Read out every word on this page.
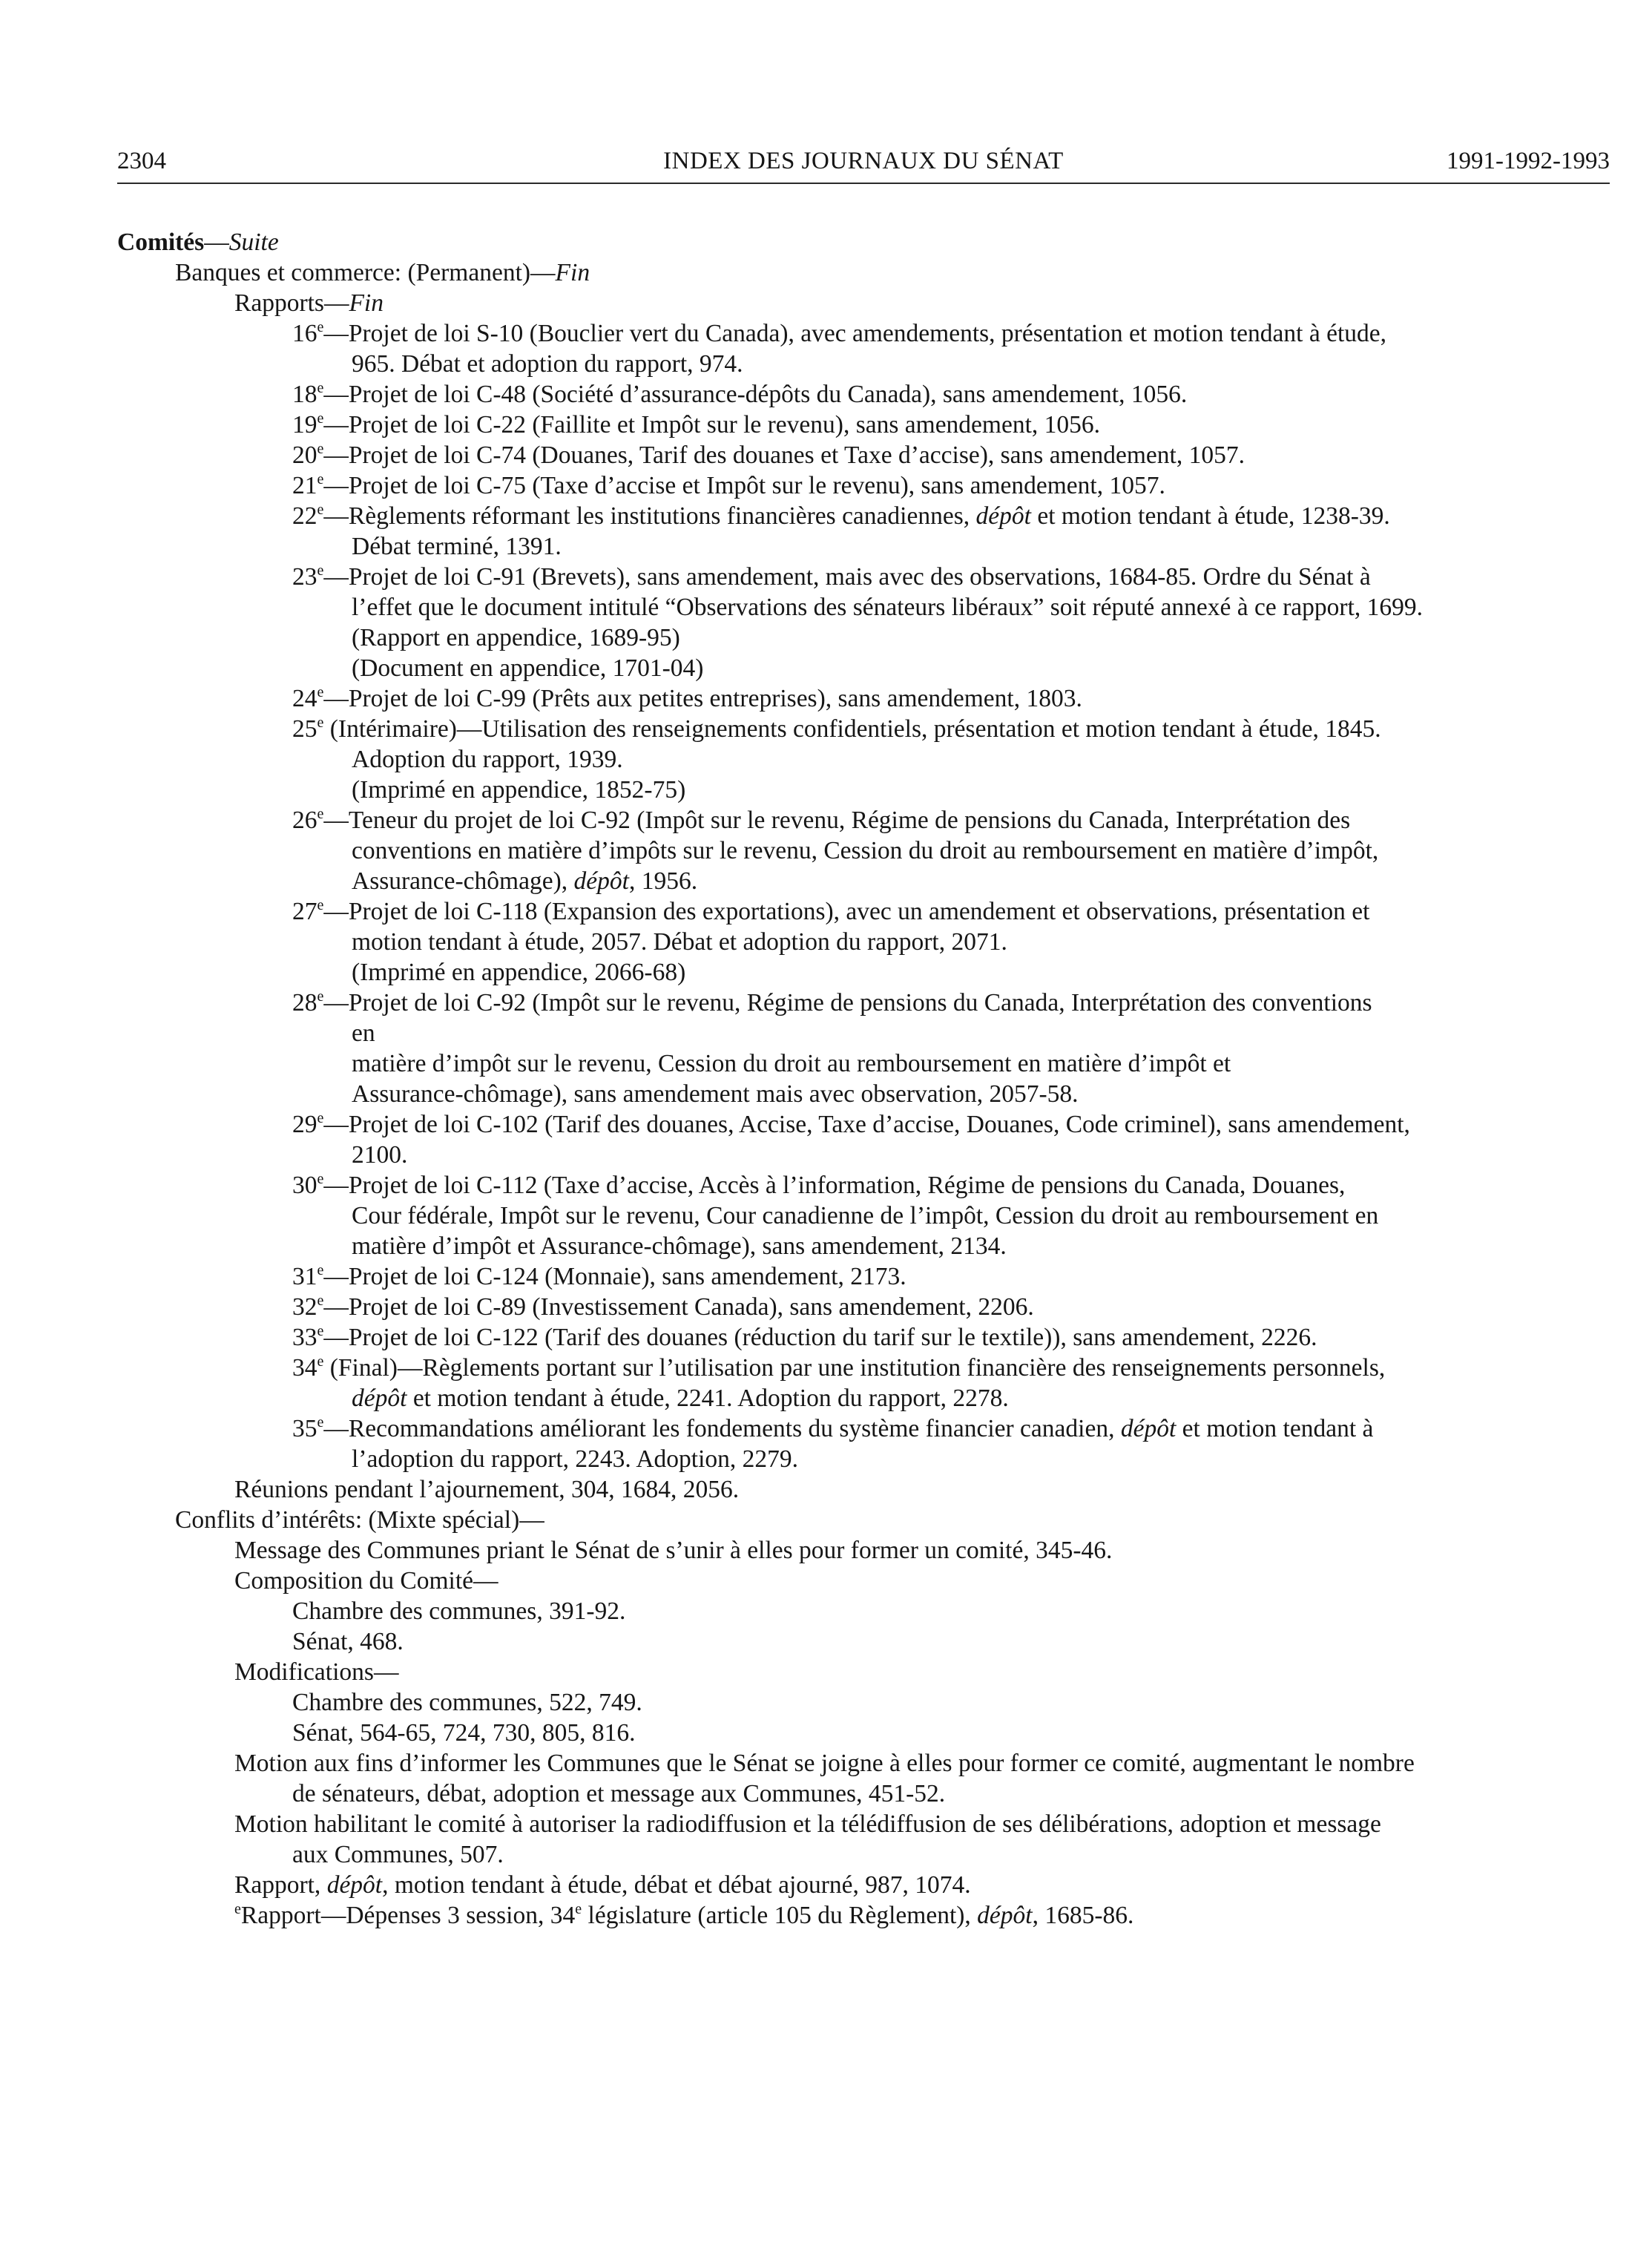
2304	INDEX DES JOURNAUX DU SÉNAT	1991-1992-1993
Comités—Suite
Banques et commerce: (Permanent)—Fin
Rapports—Fin
16e—Projet de loi S-10 (Bouclier vert du Canada), avec amendements, présentation et motion tendant à étude,
965. Débat et adoption du rapport, 974.
18e—Projet de loi C-48 (Société d’assurance-dépôts du Canada), sans amendement, 1056.
19e—Projet de loi C-22 (Faillite et Impôt sur le revenu), sans amendement, 1056.
20e—Projet de loi C-74 (Douanes, Tarif des douanes et Taxe d’accise), sans amendement, 1057.
21e—Projet de loi C-75 (Taxe d’accise et Impôt sur le revenu), sans amendement, 1057.
22e—Règlements réformant les institutions financières canadiennes, dépôt et motion tendant à étude, 1238-39.
Débat terminé, 1391.
23e—Projet de loi C-91 (Brevets), sans amendement, mais avec des observations, 1684-85. Ordre du Sénat à
l’effet que le document intitulé “Observations des sénateurs libéraux” soit réputé annexé à ce rapport, 1699.
(Rapport en appendice, 1689-95)
(Document en appendice, 1701-04)
24e—Projet de loi C-99 (Prêts aux petites entreprises), sans amendement, 1803.
25e (Intérimaire)—Utilisation des renseignements confidentiels, présentation et motion tendant à étude, 1845.
Adoption du rapport, 1939.
(Imprimé en appendice, 1852-75)
26e—Teneur du projet de loi C-92 (Impôt sur le revenu, Régime de pensions du Canada, Interprétation des
conventions en matière d’impôts sur le revenu, Cession du droit au remboursement en matière d’impôt,
Assurance-chômage), dépôt, 1956.
27e—Projet de loi C-118 (Expansion des exportations), avec un amendement et observations, présentation et
motion tendant à étude, 2057. Débat et adoption du rapport, 2071.
(Imprimé en appendice, 2066-68)
28e—Projet de loi C-92 (Impôt sur le revenu, Régime de pensions du Canada, Interprétation des conventions
en
matière d’impôt sur le revenu, Cession du droit au remboursement en matière d’impôt et
Assurance-chômage), sans amendement mais avec observation, 2057-58.
29e—Projet de loi C-102 (Tarif des douanes, Accise, Taxe d’accise, Douanes, Code criminel), sans amendement,
2100.
30e—Projet de loi C-112 (Taxe d’accise, Accès à l’information, Régime de pensions du Canada, Douanes,
Cour fédérale, Impôt sur le revenu, Cour canadienne de l’impôt, Cession du droit au remboursement en
matière d’impôt et Assurance-chômage), sans amendement, 2134.
31e—Projet de loi C-124 (Monnaie), sans amendement, 2173.
32e—Projet de loi C-89 (Investissement Canada), sans amendement, 2206.
33e—Projet de loi C-122 (Tarif des douanes (réduction du tarif sur le textile)), sans amendement, 2226.
34e (Final)—Règlements portant sur l’utilisation par une institution financière des renseignements personnels,
dépôt et motion tendant à étude, 2241. Adoption du rapport, 2278.
35e—Recommandations améliorant les fondements du système financier canadien, dépôt et motion tendant à
l’adoption du rapport, 2243. Adoption, 2279.
Réunions pendant l’ajournement, 304, 1684, 2056.
Conflits d’intérêts: (Mixte spécial)—
Message des Communes priant le Sénat de s’unir à elles pour former un comité, 345-46.
Composition du Comité—
Chambre des communes, 391-92.
Sénat, 468.
Modifications—
Chambre des communes, 522, 749.
Sénat, 564-65, 724, 730, 805, 816.
Motion aux fins d’informer les Communes que le Sénat se joigne à elles pour former ce comité, augmentant le nombre
de sénateurs, débat, adoption et message aux Communes, 451-52.
Motion habilitant le comité à autoriser la radiodiffusion et la télédiffusion de ses délibérations, adoption et message
aux Communes, 507.
Rapport, dépôt, motion tendant à étude, débat et débat ajourné, 987, 1074.
$^e$Rapport—Dépenses 3 session, 34e législature (article 105 du Règlement), dépôt, 1685-86.
